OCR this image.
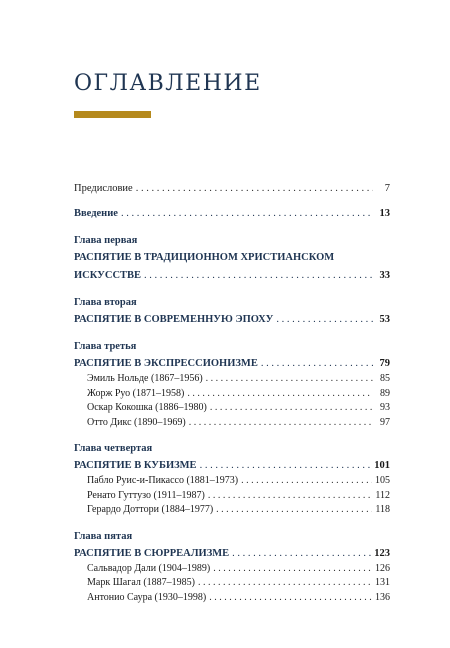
оглавление
Предисловие . . .	7
Введение . . .	13
Глава первая
РАСПЯТИЕ В ТРАДИЦИОННОМ ХРИСТИАНСКОМ
ИСКУССТВЕ . . .	33
Глава вторая
РАСПЯТИЕ В СОВРЕМЕННУЮ ЭПОХУ . . .	53
Глава третья
РАСПЯТИЕ В ЭКСПРЕССИОНИЗМЕ . . .	79
Эмиль Нольде (1867–1956) . . .	85
Жорж Руо (1871–1958) . . .	89
Оскар Кокошка (1886–1980) . . .	93
Отто Дикс (1890–1969) . . .	97
Глава четвертая
РАСПЯТИЕ В КУБИЗМЕ . . .	101
Пабло Руис-и-Пикассо (1881–1973) . . .	105
Ренато Гуттузо (1911–1987) . . .	112
Герардо Доттори (1884–1977) . . .	118
Глава пятая
РАСПЯТИЕ В СЮРРЕАЛИЗМЕ . . .	123
Сальвадор Дали (1904–1989) . . .	126
Марк Шагал (1887–1985) . . .	131
Антонио Саура (1930–1998) . . .	136
